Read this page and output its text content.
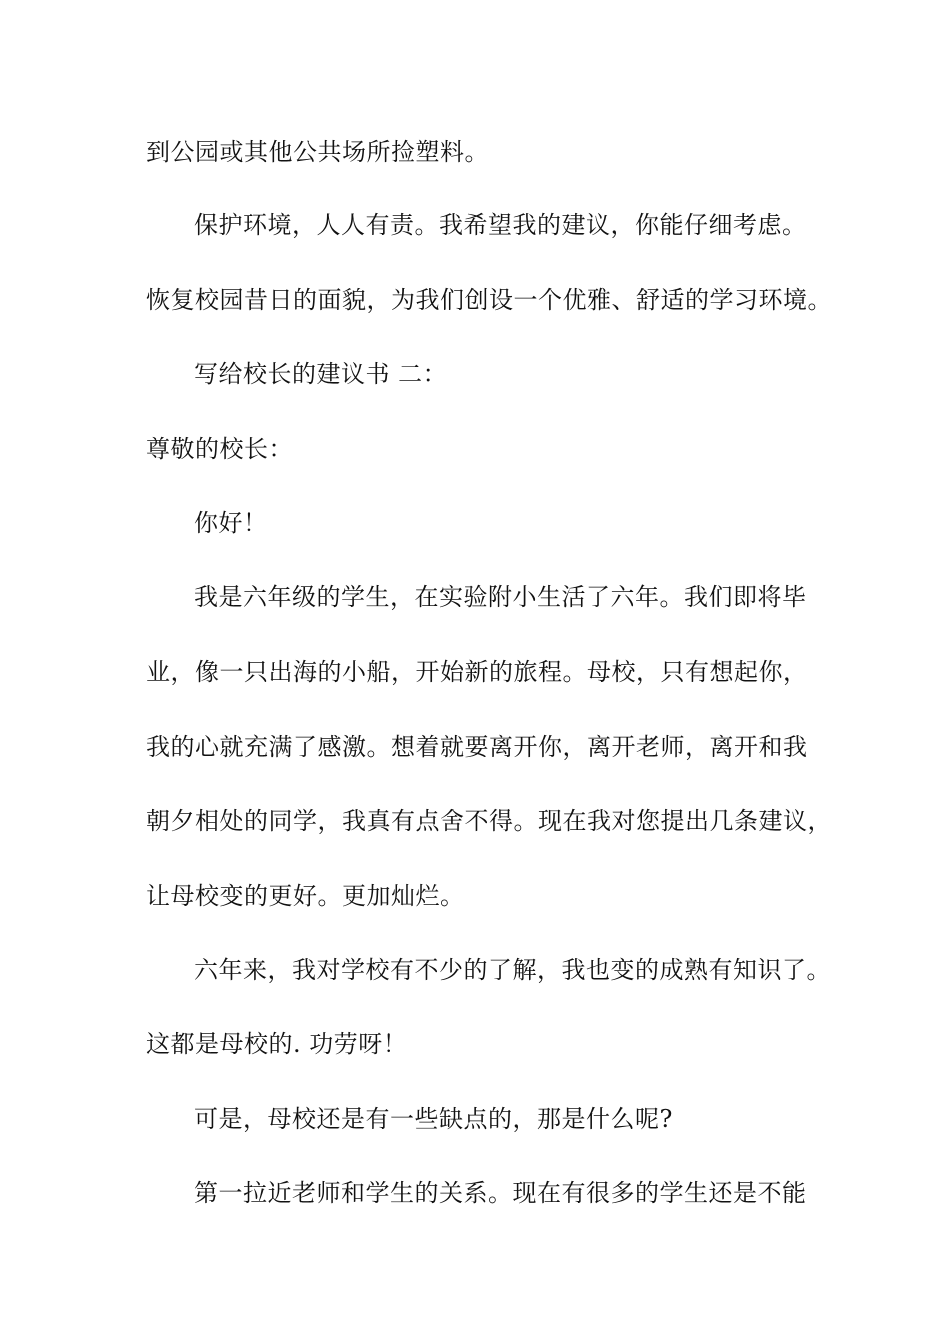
到公园或其他公共场所捡塑料。
保护环境，人人有责。我希望我的建议，你能仔细考虑。
恢复校园昔日的面貌，为我们创设一个优雅、舒适的学习环境。
写给校长的建议书 二：
尊敬的校长：
你好！
我是六年级的学生，在实验附小生活了六年。我们即将毕
业，像一只出海的小船，开始新的旅程。母校，只有想起你，
我的心就充满了感激。想着就要离开你，离开老师，离开和我
朝夕相处的同学，我真有点舍不得。现在我对您提出几条建议，
让母校变的更好。更加灿烂。
六年来，我对学校有不少的了解，我也变的成熟有知识了。
这都是母校的. 功劳呀！
可是，母校还是有一些缺点的，那是什么呢?
第一拉近老师和学生的关系。现在有很多的学生还是不能
